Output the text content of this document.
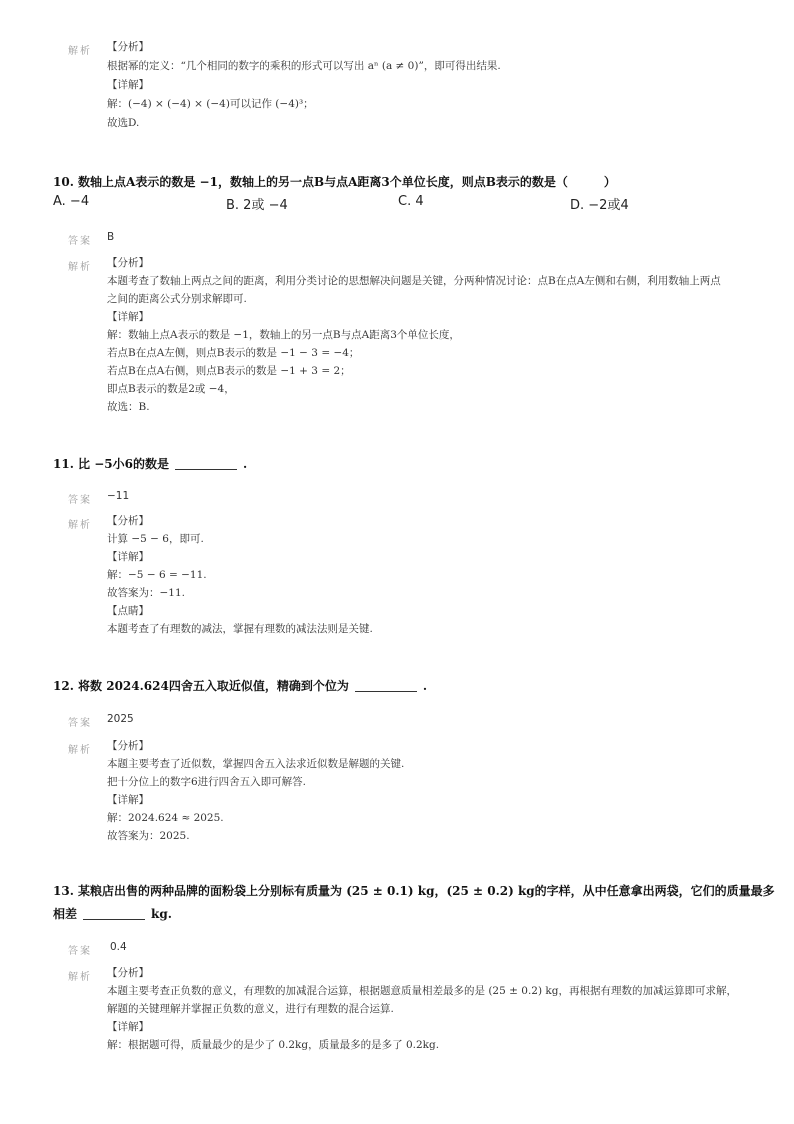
解析 【分析】
根据幂的定义：“几个相同的数字的乘积的形式可以写出 aⁿ (a ≠ 0)”，即可得出结果.
【详解】
解：(−4) × (−4) × (−4)可以记作 (−4)³；
故选D.
10. 数轴上点A表示的数是 −1，数轴上的另一点B与点A距离3个单位长度，则点B表示的数是（　　　）
A. −4	B. 2或 −4	C. 4	D. −2或4
答案 B
解析 【分析】
本题考查了数轴上两点之间的距离，利用分类讨论的思想解决问题是关键，分两种情况讨论：点B在点A左侧和右侧，利用数轴上两点
之间的距离公式分别求解即可.
【详解】
解：数轴上点A表示的数是 −1，数轴上的另一点B与点A距离3个单位长度，
若点B在点A左侧，则点B表示的数是 −1 − 3 = −4；
若点B在点A右侧，则点B表示的数是 −1 + 3 = 2；
即点B表示的数是2或 −4，
故选：B.
11. 比 −5小6的数是	.
答案 −11
解析 【分析】
计算 −5 − 6，即可.
【详解】
解：−5 − 6 = −11.
故答案为：−11.
【点睛】
本题考查了有理数的减法，掌握有理数的减法法则是关键.
12. 将数 2024.624四舍五入取近似值，精确到个位为	.
答案 2025
解析 【分析】
本题主要考查了近似数，掌握四舍五入法求近似数是解题的关键.
把十分位上的数字6进行四舍五入即可解答.
【详解】
解：2024.624 ≈ 2025.
故答案为：2025.
13. 某粮店出售的两种品牌的面粉袋上分别标有质量为 (25 ± 0.1) kg，(25 ± 0.2) kg的字样，从中任意拿出两袋，它们的质量最多
相差	kg.
答案 0.4
解析 【分析】
本题主要考查正负数的意义，有理数的加减混合运算，根据题意质量相差最多的是 (25 ± 0.2) kg，再根据有理数的加减运算即可求解，
解题的关键理解并掌握正负数的意义，进行有理数的混合运算.
【详解】
解：根据题可得，质量最少的是少了 0.2kg，质量最多的是多了 0.2kg.
